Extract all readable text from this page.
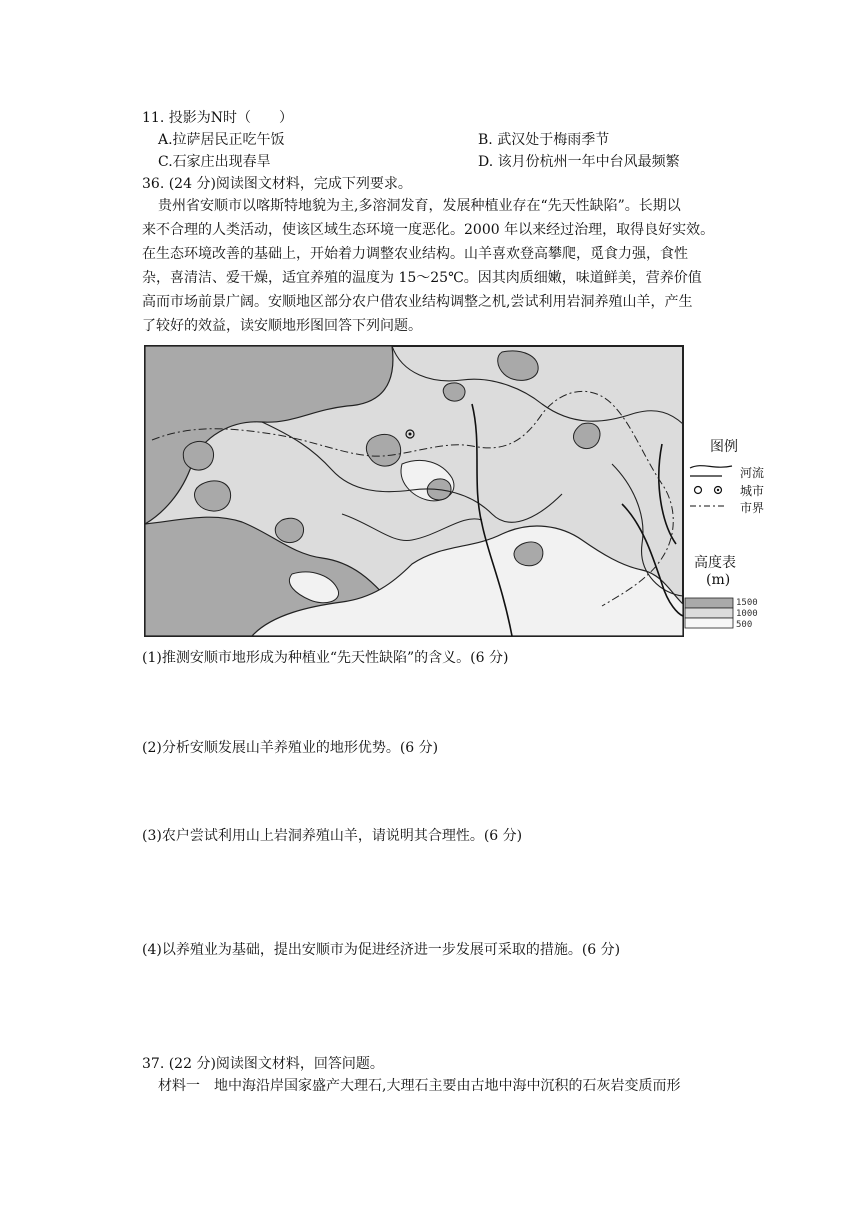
11. 投影为N时（　　）
A.拉萨居民正吃午饭	B. 武汉处于梅雨季节
C.石家庄出现春旱	D. 该月份杭州一年中台风最频繁
36. (24 分)阅读图文材料，完成下列要求。
贵州省安顺市以喀斯特地貌为主,多溶洞发育，发展种植业存在“先天性缺陷”。长期以
来不合理的人类活动，使该区域生态环境一度恶化。2000 年以来经过治理，取得良好实效。
在生态环境改善的基础上，开始着力调整农业结构。山羊喜欢登高攀爬，觅食力强，食性
杂，喜清洁、爱干燥，适宜养殖的温度为 15～25℃。因其肉质细嫩，味道鲜美，营养价值
高而市场前景广阔。安顺地区部分农户借农业结构调整之机,尝试利用岩洞养殖山羊，产生
了较好的效益，读安顺地形图回答下列问题。
图例
河流
城市
市界
高度表
(m)
1500
1000
500
(1)推测安顺市地形成为种植业“先天性缺陷”的含义。(6 分)
(2)分析安顺发展山羊养殖业的地形优势。(6 分)
(3)农户尝试利用山上岩洞养殖山羊，请说明其合理性。(6 分)
(4)以养殖业为基础，提出安顺市为促进经济进一步发展可采取的措施。(6 分)
37. (22 分)阅读图文材料，回答问题。
材料一　地中海沿岸国家盛产大理石,大理石主要由古地中海中沉积的石灰岩变质而形
